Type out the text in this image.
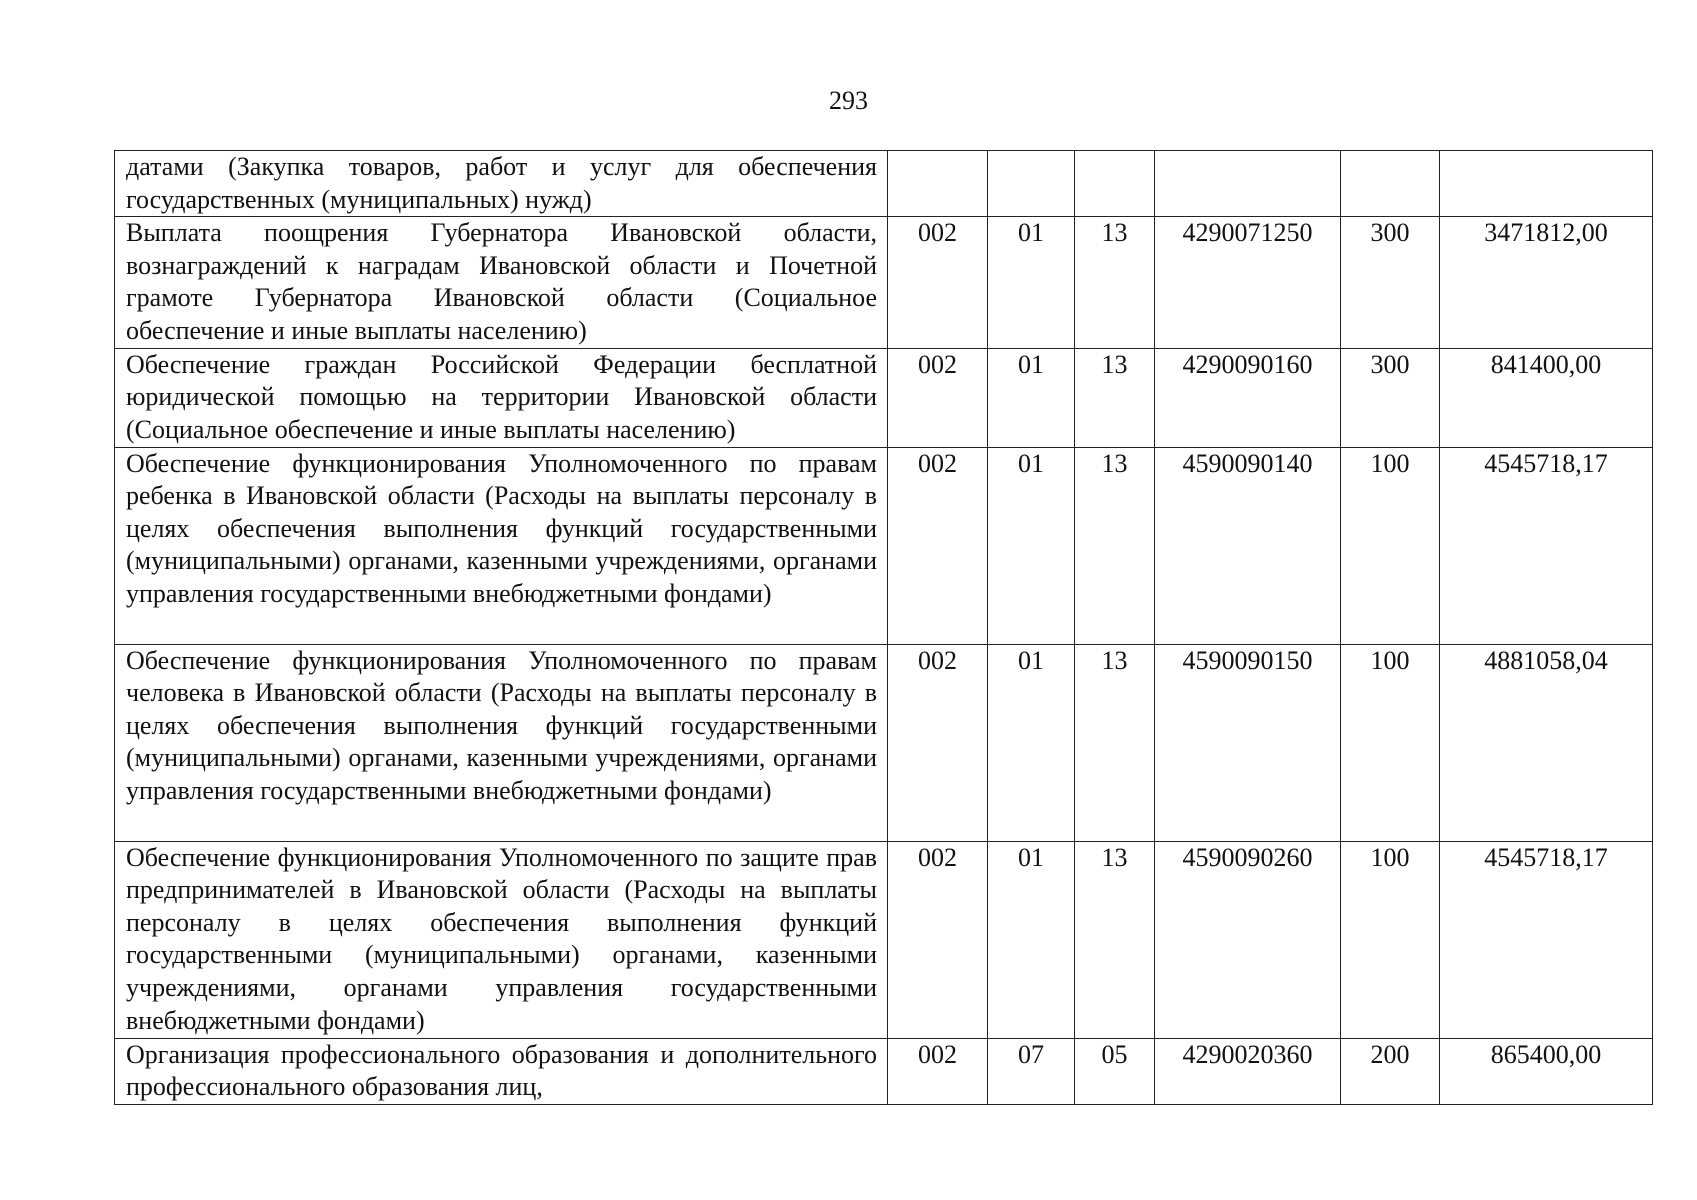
293
датами (Закупка товаров, работ и услуг для обеспечения государственных (муниципальных) нужд)						
Выплата поощрения Губернатора Ивановской области, вознаграждений к наградам Ивановской области и Почетной грамоте Губернатора Ивановской области (Социальное обеспечение и иные выплаты населению)	002	01	13	4290071250	300	3471812,00
Обеспечение граждан Российской Федерации бесплатной юридической помощью на территории Ивановской области (Социальное обеспечение и иные выплаты населению)	002	01	13	4290090160	300	841400,00
Обеспечение функционирования Уполномоченного по правам ребенка в Ивановской области (Расходы на выплаты персоналу в целях обеспечения выполнения функций государственными (муниципальными) органами, казенными учреждениями, органами управления государственными внебюджетными фондами)	002	01	13	4590090140	100	4545718,17
Обеспечение функционирования Уполномоченного по правам человека в Ивановской области (Расходы на выплаты персоналу в целях обеспечения выполнения функций государственными (муниципальными) органами, казенными учреждениями, органами управления государственными внебюджетными фондами)	002	01	13	4590090150	100	4881058,04
Обеспечение функционирования Уполномоченного по защите прав предпринимателей в Ивановской области (Расходы на выплаты персоналу в целях обеспечения выполнения функций государственными (муниципальными) органами, казенными учреждениями, органами управления государственными внебюджетными фондами)	002	01	13	4590090260	100	4545718,17
Организация профессионального образования и дополнительного профессионального образования лиц,	002	07	05	4290020360	200	865400,00
